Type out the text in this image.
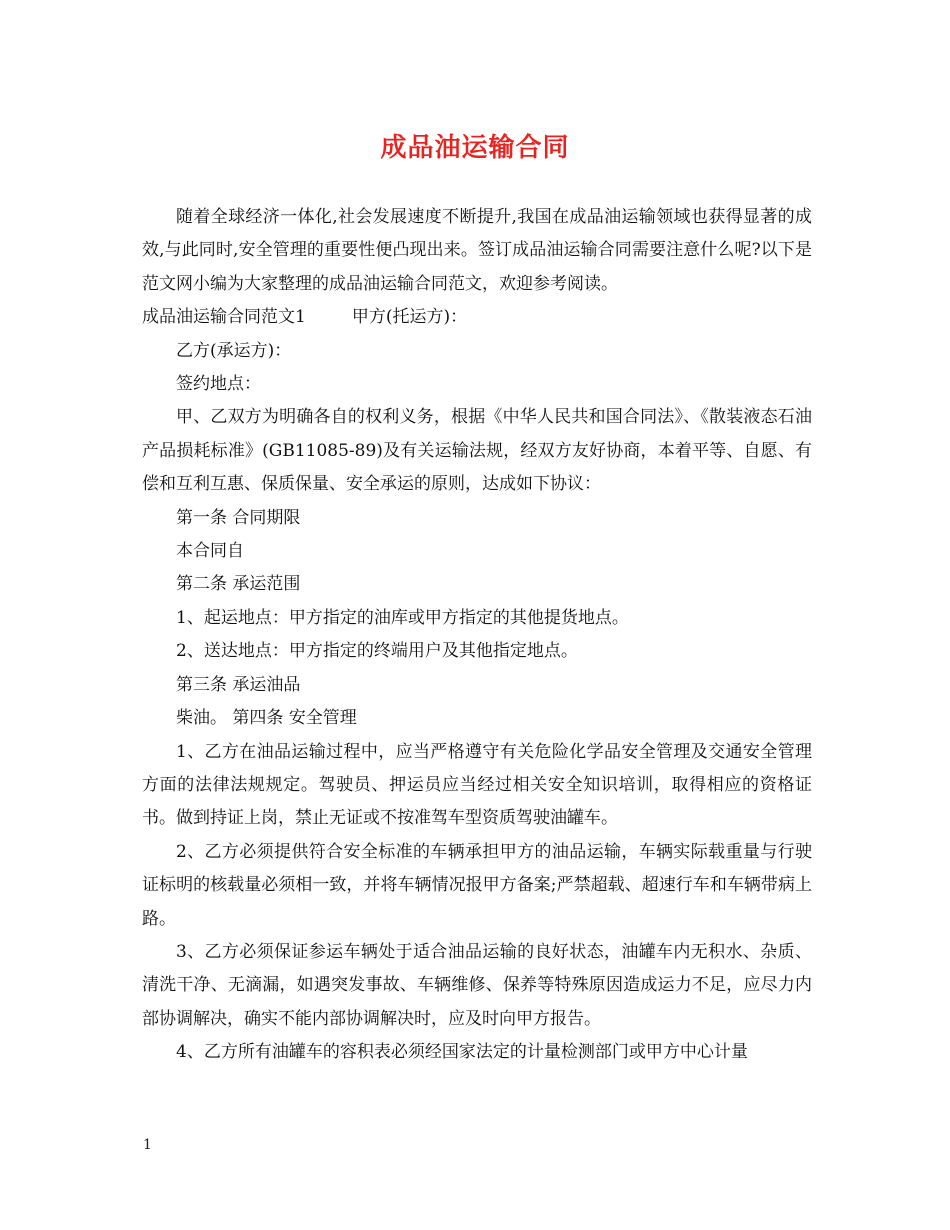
成品油运输合同

随着全球经济一体化,社会发展速度不断提升,我国在成品油运输领域也获得显著的成效,与此同时,安全管理的重要性便凸现出来。签订成品油运输合同需要注意什么呢?以下是范文网小编为大家整理的成品油运输合同范文，欢迎参考阅读。

成品油运输合同范文1	甲方(托运方)：

乙方(承运方)：

签约地点：

甲、乙双方为明确各自的权利义务，根据《中华人民共和国合同法》、《散装液态石油产品损耗标准》(GB11085-89)及有关运输法规，经双方友好协商，本着平等、自愿、有偿和互利互惠、保质保量、安全承运的原则，达成如下协议：

第一条 合同期限

本合同自

第二条 承运范围

1、起运地点：甲方指定的油库或甲方指定的其他提货地点。

2、送达地点：甲方指定的终端用户及其他指定地点。

第三条 承运油品

柴油。 第四条 安全管理

1、乙方在油品运输过程中，应当严格遵守有关危险化学品安全管理及交通安全管理方面的法律法规规定。驾驶员、押运员应当经过相关安全知识培训，取得相应的资格证书。做到持证上岗，禁止无证或不按准驾车型资质驾驶油罐车。

2、乙方必须提供符合安全标准的车辆承担甲方的油品运输，车辆实际载重量与行驶证标明的核载量必须相一致，并将车辆情况报甲方备案;严禁超载、超速行车和车辆带病上路。

3、乙方必须保证参运车辆处于适合油品运输的良好状态，油罐车内无积水、杂质、清洗干净、无滴漏，如遇突发事故、车辆维修、保养等特殊原因造成运力不足，应尽力内部协调解决，确实不能内部协调解决时，应及时向甲方报告。

4、乙方所有油罐车的容积表必须经国家法定的计量检测部门或甲方中心计量

1
